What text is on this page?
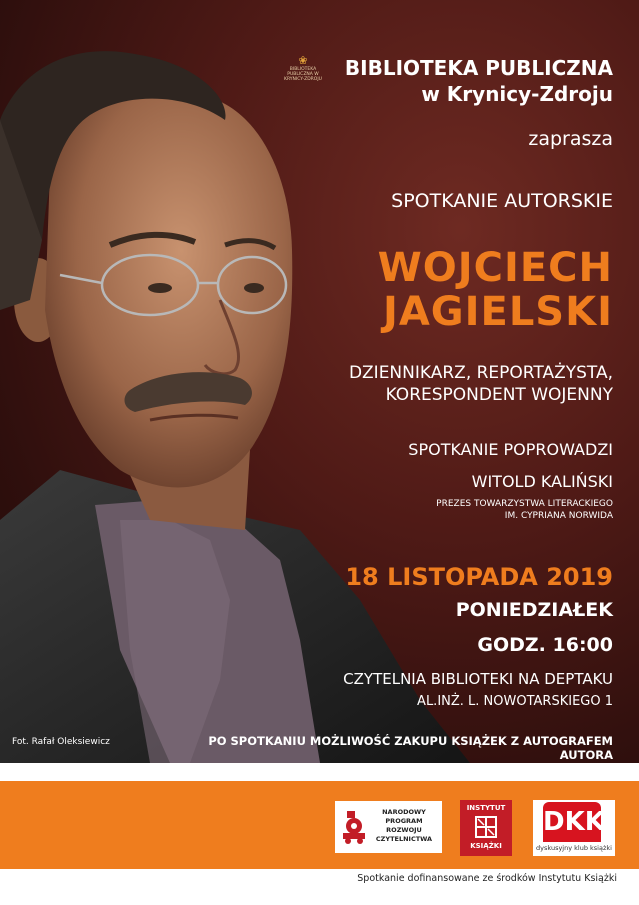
❀
BIBLIOTEKA PUBLICZNA W KRYNICY-ZDROJU	BIBLIOTEKA PUBLICZNA
w Krynicy-Zdroju
zaprasza
SPOTKANIE AUTORSKIE
WOJCIECH
JAGIELSKI
DZIENNIKARZ, REPORTAŻYSTA,
KORESPONDENT WOJENNY
SPOTKANIE POPROWADZI
WITOLD KALIŃSKI
PREZES TOWARZYSTWA LITERACKIEGO
IM. CYPRIANA NORWIDA
18 LISTOPADA 2019
PONIEDZIAŁEK
GODZ. 16:00
CZYTELNIA BIBLIOTEKI NA DEPTAKU
AL.INŻ. L. NOWOTARSKIEGO 1
PO SPOTKANIU MOŻLIWOŚĆ ZAKUPU KSIĄŻEK Z AUTOGRAFEM AUTORA
Fot. Rafał Oleksiewicz
NARODOWY
PROGRAM
ROZWOJU
CZYTELNICTWA
INSTYTUT
KSIĄŻKI
DKK
dyskusyjny klub książki
Spotkanie dofinansowane ze środków Instytutu Książki
